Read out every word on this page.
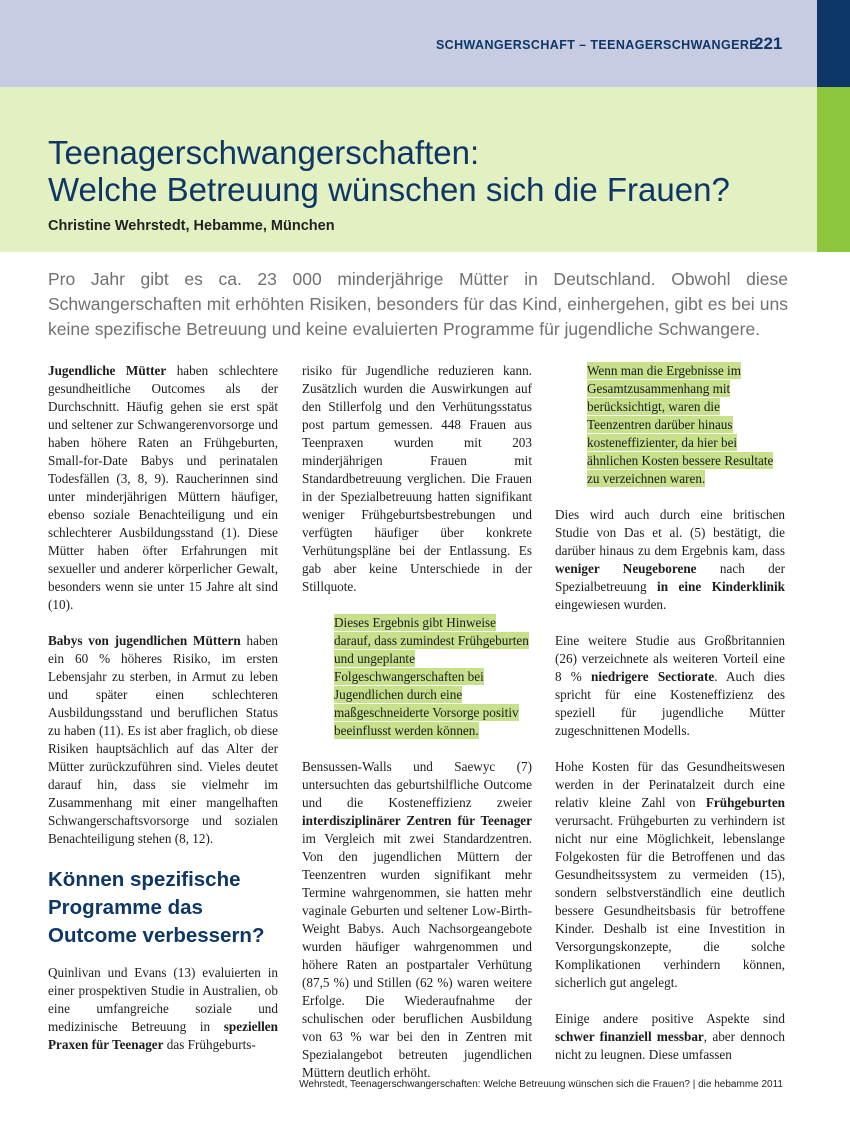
SCHWANGERSCHAFT – TEENAGERSCHWANGERE
221
Teenagerschwangerschaften:
Welche Betreuung wünschen sich die Frauen?
Christine Wehrstedt, Hebamme, München
Pro Jahr gibt es ca. 23 000 minderjährige Mütter in Deutschland. Obwohl diese Schwangerschaften mit erhöhten Risiken, besonders für das Kind, einhergehen, gibt es bei uns keine spezifische Betreuung und keine evaluierten Programme für jugendliche Schwangere.

Jugendliche Mütter haben schlechtere gesundheitliche Outcomes als der Durchschnitt. Häufig gehen sie erst spät und seltener zur Schwangerenvorsorge und haben höhere Raten an Frühgeburten, Small-for-Date Babys und perinatalen Todesfällen (3, 8, 9). Raucherinnen sind unter minderjährigen Müttern häufiger, ebenso soziale Benachteiligung und ein schlechterer Ausbildungsstand (1). Diese Mütter haben öfter Erfahrungen mit sexueller und anderer körperlicher Gewalt, besonders wenn sie unter 15 Jahre alt sind (10).

Babys von jugendlichen Müttern haben ein 60 % höheres Risiko, im ersten Lebensjahr zu sterben, in Armut zu leben und später einen schlechteren Ausbildungsstand und beruflichen Status zu haben (11). Es ist aber fraglich, ob diese Risiken hauptsächlich auf das Alter der Mütter zurückzuführen sind. Vieles deutet darauf hin, dass sie vielmehr im Zusammenhang mit einer mangelhaften Schwangerschaftsvorsorge und sozialen Benachteiligung stehen (8, 12).

Können spezifische Programme das Outcome verbessern?

Quinlivan und Evans (13) evaluierten in einer prospektiven Studie in Australien, ob eine umfangreiche soziale und medizinische Betreuung in speziellen Praxen für Teenager das Frühgeburts-

risiko für Jugendliche reduzieren kann. Zusätzlich wurden die Auswirkungen auf den Stillerfolg und den Verhütungsstatus post partum gemessen. 448 Frauen aus Teenpraxen wurden mit 203 minderjährigen Frauen mit Standardbetreuung verglichen. Die Frauen in der Spezialbetreuung hatten signifikant weniger Frühgeburtsbestrebungen und verfügten häufiger über konkrete Verhütungspläne bei der Entlassung. Es gab aber keine Unterschiede in der Stillquote.

Dieses Ergebnis gibt Hinweise darauf, dass zumindest Frühgeburten und ungeplante Folgeschwangerschaften bei Jugendlichen durch eine maßgeschneiderte Vorsorge positiv beeinflusst werden können.

Bensussen-Walls und Saewyc (7) untersuchten das geburtshilfliche Outcome und die Kosteneffizienz zweier interdisziplinärer Zentren für Teenager im Vergleich mit zwei Standardzentren. Von den jugendlichen Müttern der Teenzentren wurden signifikant mehr Termine wahrgenommen, sie hatten mehr vaginale Geburten und seltener Low-Birth-Weight Babys. Auch Nachsorgeangebote wurden häufiger wahrgenommen und höhere Raten an postpartaler Verhütung (87,5 %) und Stillen (62 %) waren weitere Erfolge. Die Wiederaufnahme der schulischen oder beruflichen Ausbildung von 63 % war bei den in Zentren mit Spezialangebot betreuten jugendlichen Müttern deutlich erhöht.

Wenn man die Ergebnisse im Gesamtzusammenhang mit berücksichtigt, waren die Teenzentren darüber hinaus kosteneffizienter, da hier bei ähnlichen Kosten bessere Resultate zu verzeichnen waren.

Dies wird auch durch eine britischen Studie von Das et al. (5) bestätigt, die darüber hinaus zu dem Ergebnis kam, dass weniger Neugeborene nach der Spezialbetreuung in eine Kinderklinik eingewiesen wurden.

Eine weitere Studie aus Großbritannien (26) verzeichnete als weiteren Vorteil eine 8 % niedrigere Sectiorate. Auch dies spricht für eine Kosteneffizienz des speziell für jugendliche Mütter zugeschnittenen Modells.

Hohe Kosten für das Gesundheitswesen werden in der Perinatalzeit durch eine relativ kleine Zahl von Frühgeburten verursacht. Frühgeburten zu verhindern ist nicht nur eine Möglichkeit, lebenslange Folgekosten für die Betroffenen und das Gesundheitssystem zu vermeiden (15), sondern selbstverständlich eine deutlich bessere Gesundheitsbasis für betroffene Kinder. Deshalb ist eine Investition in Versorgungskonzepte, die solche Komplikationen verhindern können, sicherlich gut angelegt.

Einige andere positive Aspekte sind schwer finanziell messbar, aber dennoch nicht zu leugnen. Diese umfassen

Wehrstedt, Teenagerschwangerschaften: Welche Betreuung wünschen sich die Frauen? | die hebamme 2011
